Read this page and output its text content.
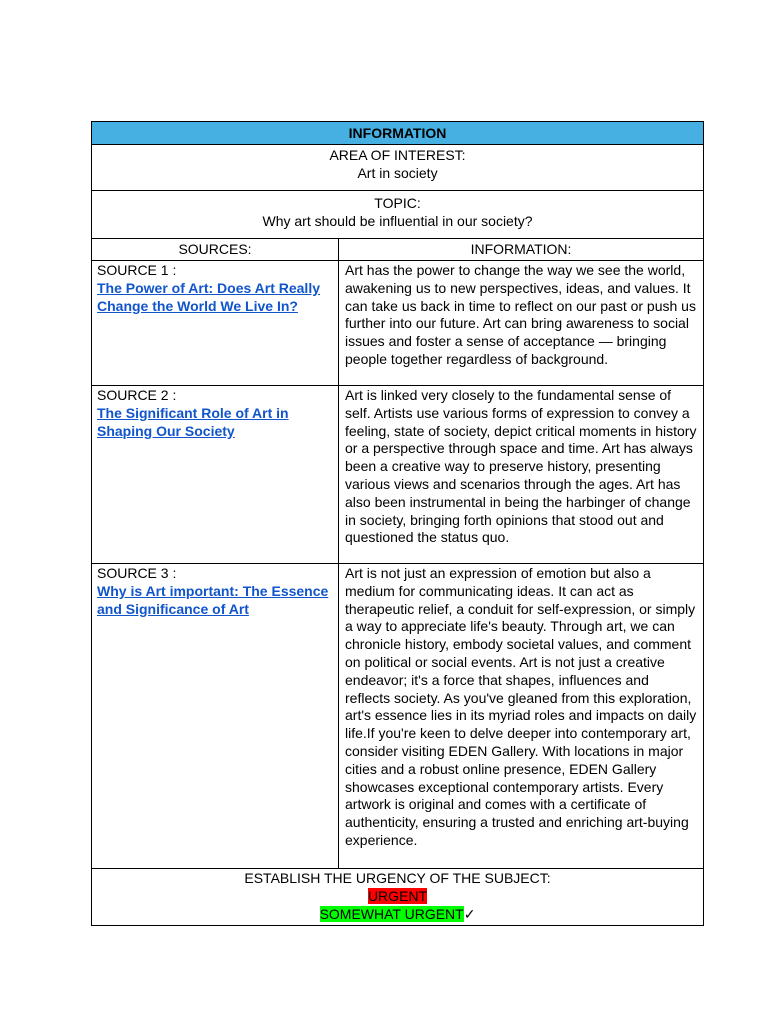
INFORMATION	

AREA OF INTEREST:
Art in society	

TOPIC:
Why art should be influential in our society?	

SOURCES:	INFORMATION:

SOURCE 1 :
The Power of Art: Does Art Really Change the World We Live In?	Art has the power to change the way we see the world, awakening us to new perspectives, ideas, and values. It can take us back in time to reflect on our past or push us further into our future. Art can bring awareness to social issues and foster a sense of acceptance — bringing people together regardless of background.

SOURCE 2 :
The Significant Role of Art in Shaping Our Society	Art is linked very closely to the fundamental sense of self. Artists use various forms of expression to convey a feeling, state of society, depict critical moments in history or a perspective through space and time. Art has always been a creative way to preserve history, presenting various views and scenarios through the ages. Art has also been instrumental in being the harbinger of change in society, bringing forth opinions that stood out and questioned the status quo.

SOURCE 3 :
Why is Art important: The Essence and Significance of Art	Art is not just an expression of emotion but also a medium for communicating ideas. It can act as therapeutic relief, a conduit for self-expression, or simply a way to appreciate life's beauty. Through art, we can chronicle history, embody societal values, and comment on political or social events. Art is not just a creative endeavor; it's a force that shapes, influences and reflects society. As you've gleaned from this exploration, art's essence lies in its myriad roles and impacts on daily life.If you're keen to delve deeper into contemporary art, consider visiting EDEN Gallery. With locations in major cities and a robust online presence, EDEN Gallery showcases exceptional contemporary artists. Every artwork is original and comes with a certificate of authenticity, ensuring a trusted and enriching art-buying experience.

ESTABLISH THE URGENCY OF THE SUBJECT:
URGENT
SOMEWHAT URGENT✓	
